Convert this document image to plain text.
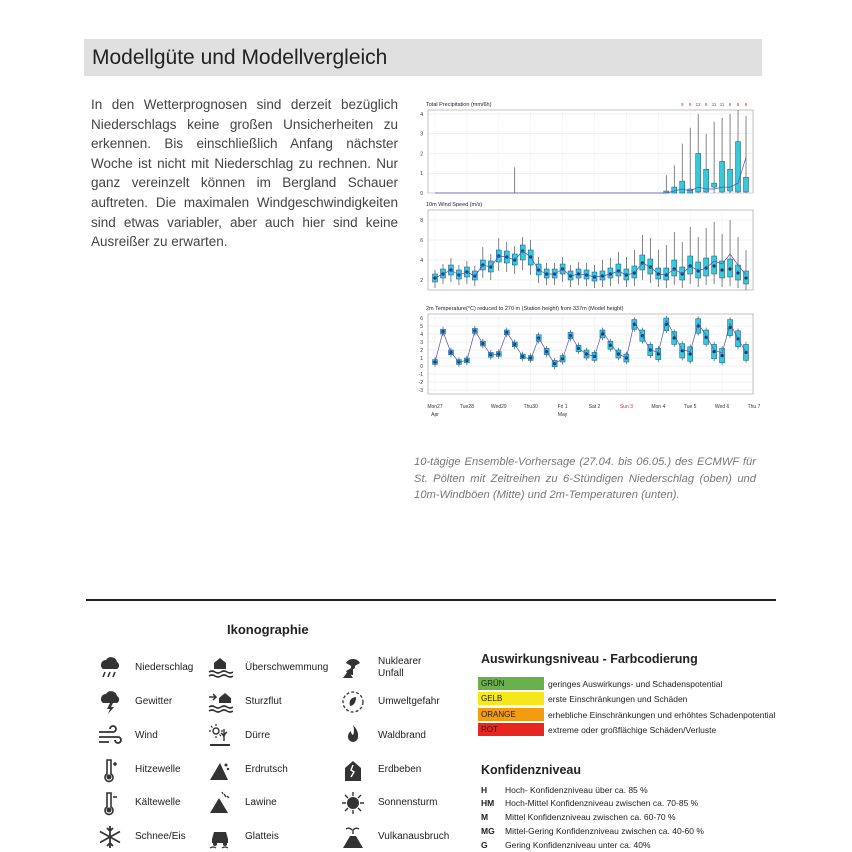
Modellgüte und Modellvergleich

In den Wetterprognosen sind derzeit bezüglich Niederschlags keine großen Unsicherheiten zu erkennen. Bis einschließlich Anfang nächster Woche ist nicht mit Niederschlag zu rechnen. Nur ganz vereinzelt können im Bergland Schauer auftreten. Die maximalen Windgeschwindigkeiten sind etwas variabler, aber auch hier sind keine Ausreißer zu erwarten.

Total Precipitation (mm/6h)
4
3
2
1
0
9 9 12 9 11 11 9 9 9
10m Wind Speed (m/s)
8
6
4
2
2m Temperature(°C) reduced to 270 m (Station height) from 337m (Model height)
6
5
4
3
2
1
0
-1
-2
-3
Mon27	Tue28	Wed29	Thu30	Fri 1	Sat 2	Sun 3	Mon 4	Tue 5	Wed 6	Thu 7
Apr	May

10-tägige Ensemble-Vorhersage (27.04. bis 06.05.) des ECMWF für St. Pölten mit Zeitreihen zu 6-Stündigen Niederschlag (oben) und 10m-Windböen (Mitte) und 2m-Temperaturen (unten).

Ikonographie
Niederschlag
Gewitter
Wind
Hitzewelle
Kältewelle
Schnee/Eis
Überschwemmung
Sturzflut
Dürre
Erdrutsch
Lawine
Glatteis
Nuklearer Unfall
Umweltgefahr
Waldbrand
Erdbeben
Sonnensturm
Vulkanausbruch
Auswirkungsniveau - Farbcodierung
GRÜN	geringes Auswirkungs- und Schadenspotential
GELB	erste Einschränkungen und Schäden
ORANGE	erhebliche Einschränkungen und erhöhtes Schadenpotential
ROT	extreme oder großflächige Schäden/Verluste
Konfidenzniveau
H	Hoch- Konfidenzniveau über ca. 85 %
HM	Hoch-Mittel Konfidenzniveau zwischen ca. 70-85 %
M	Mittel Konfidenzniveau zwischen ca. 60-70 %
MG	Mittel-Gering Konfidenzniveau zwischen ca. 40-60 %
G	Gering Konfidenzniveau unter ca. 40%
